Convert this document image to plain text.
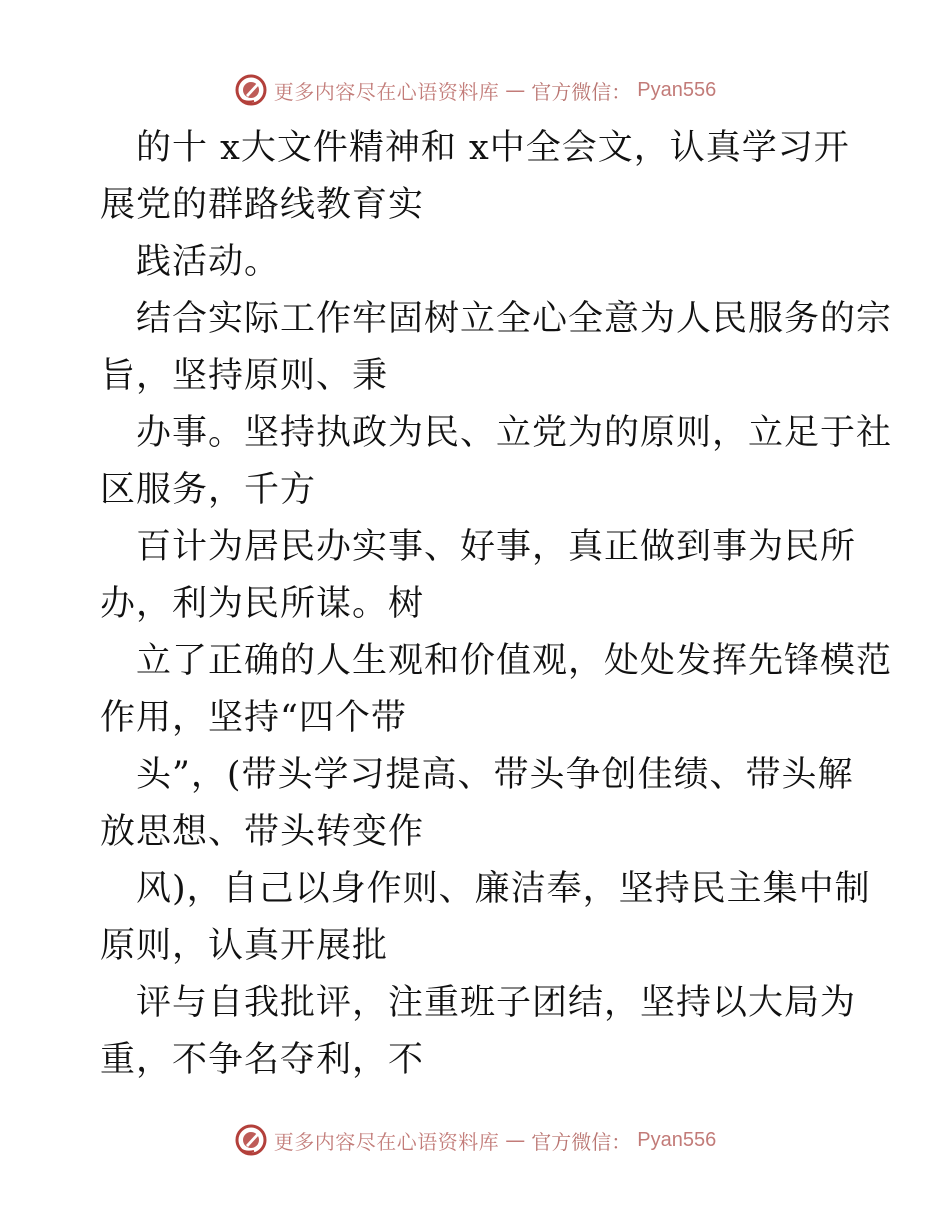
更多内容尽在心语资料库 — 官方微信： Pyan556
的十 x大文件精神和 x中全会文，认真学习开
展党的群路线教育实
践活动。
结合实际工作牢固树立全心全意为人民服务的宗
旨，坚持原则、秉
办事。坚持执政为民、立党为的原则，立足于社
区服务，千方
百计为居民办实事、好事，真正做到事为民所
办，利为民所谋。树
立了正确的人生观和价值观，处处发挥先锋模范
作用，坚持“四个带
头”，(带头学习提高、带头争创佳绩、带头解
放思想、带头转变作
风)，自己以身作则、廉洁奉，坚持民主集中制
原则，认真开展批
评与自我批评，注重班子团结，坚持以大局为
重，不争名夺利，不
更多内容尽在心语资料库 — 官方微信： Pyan556
